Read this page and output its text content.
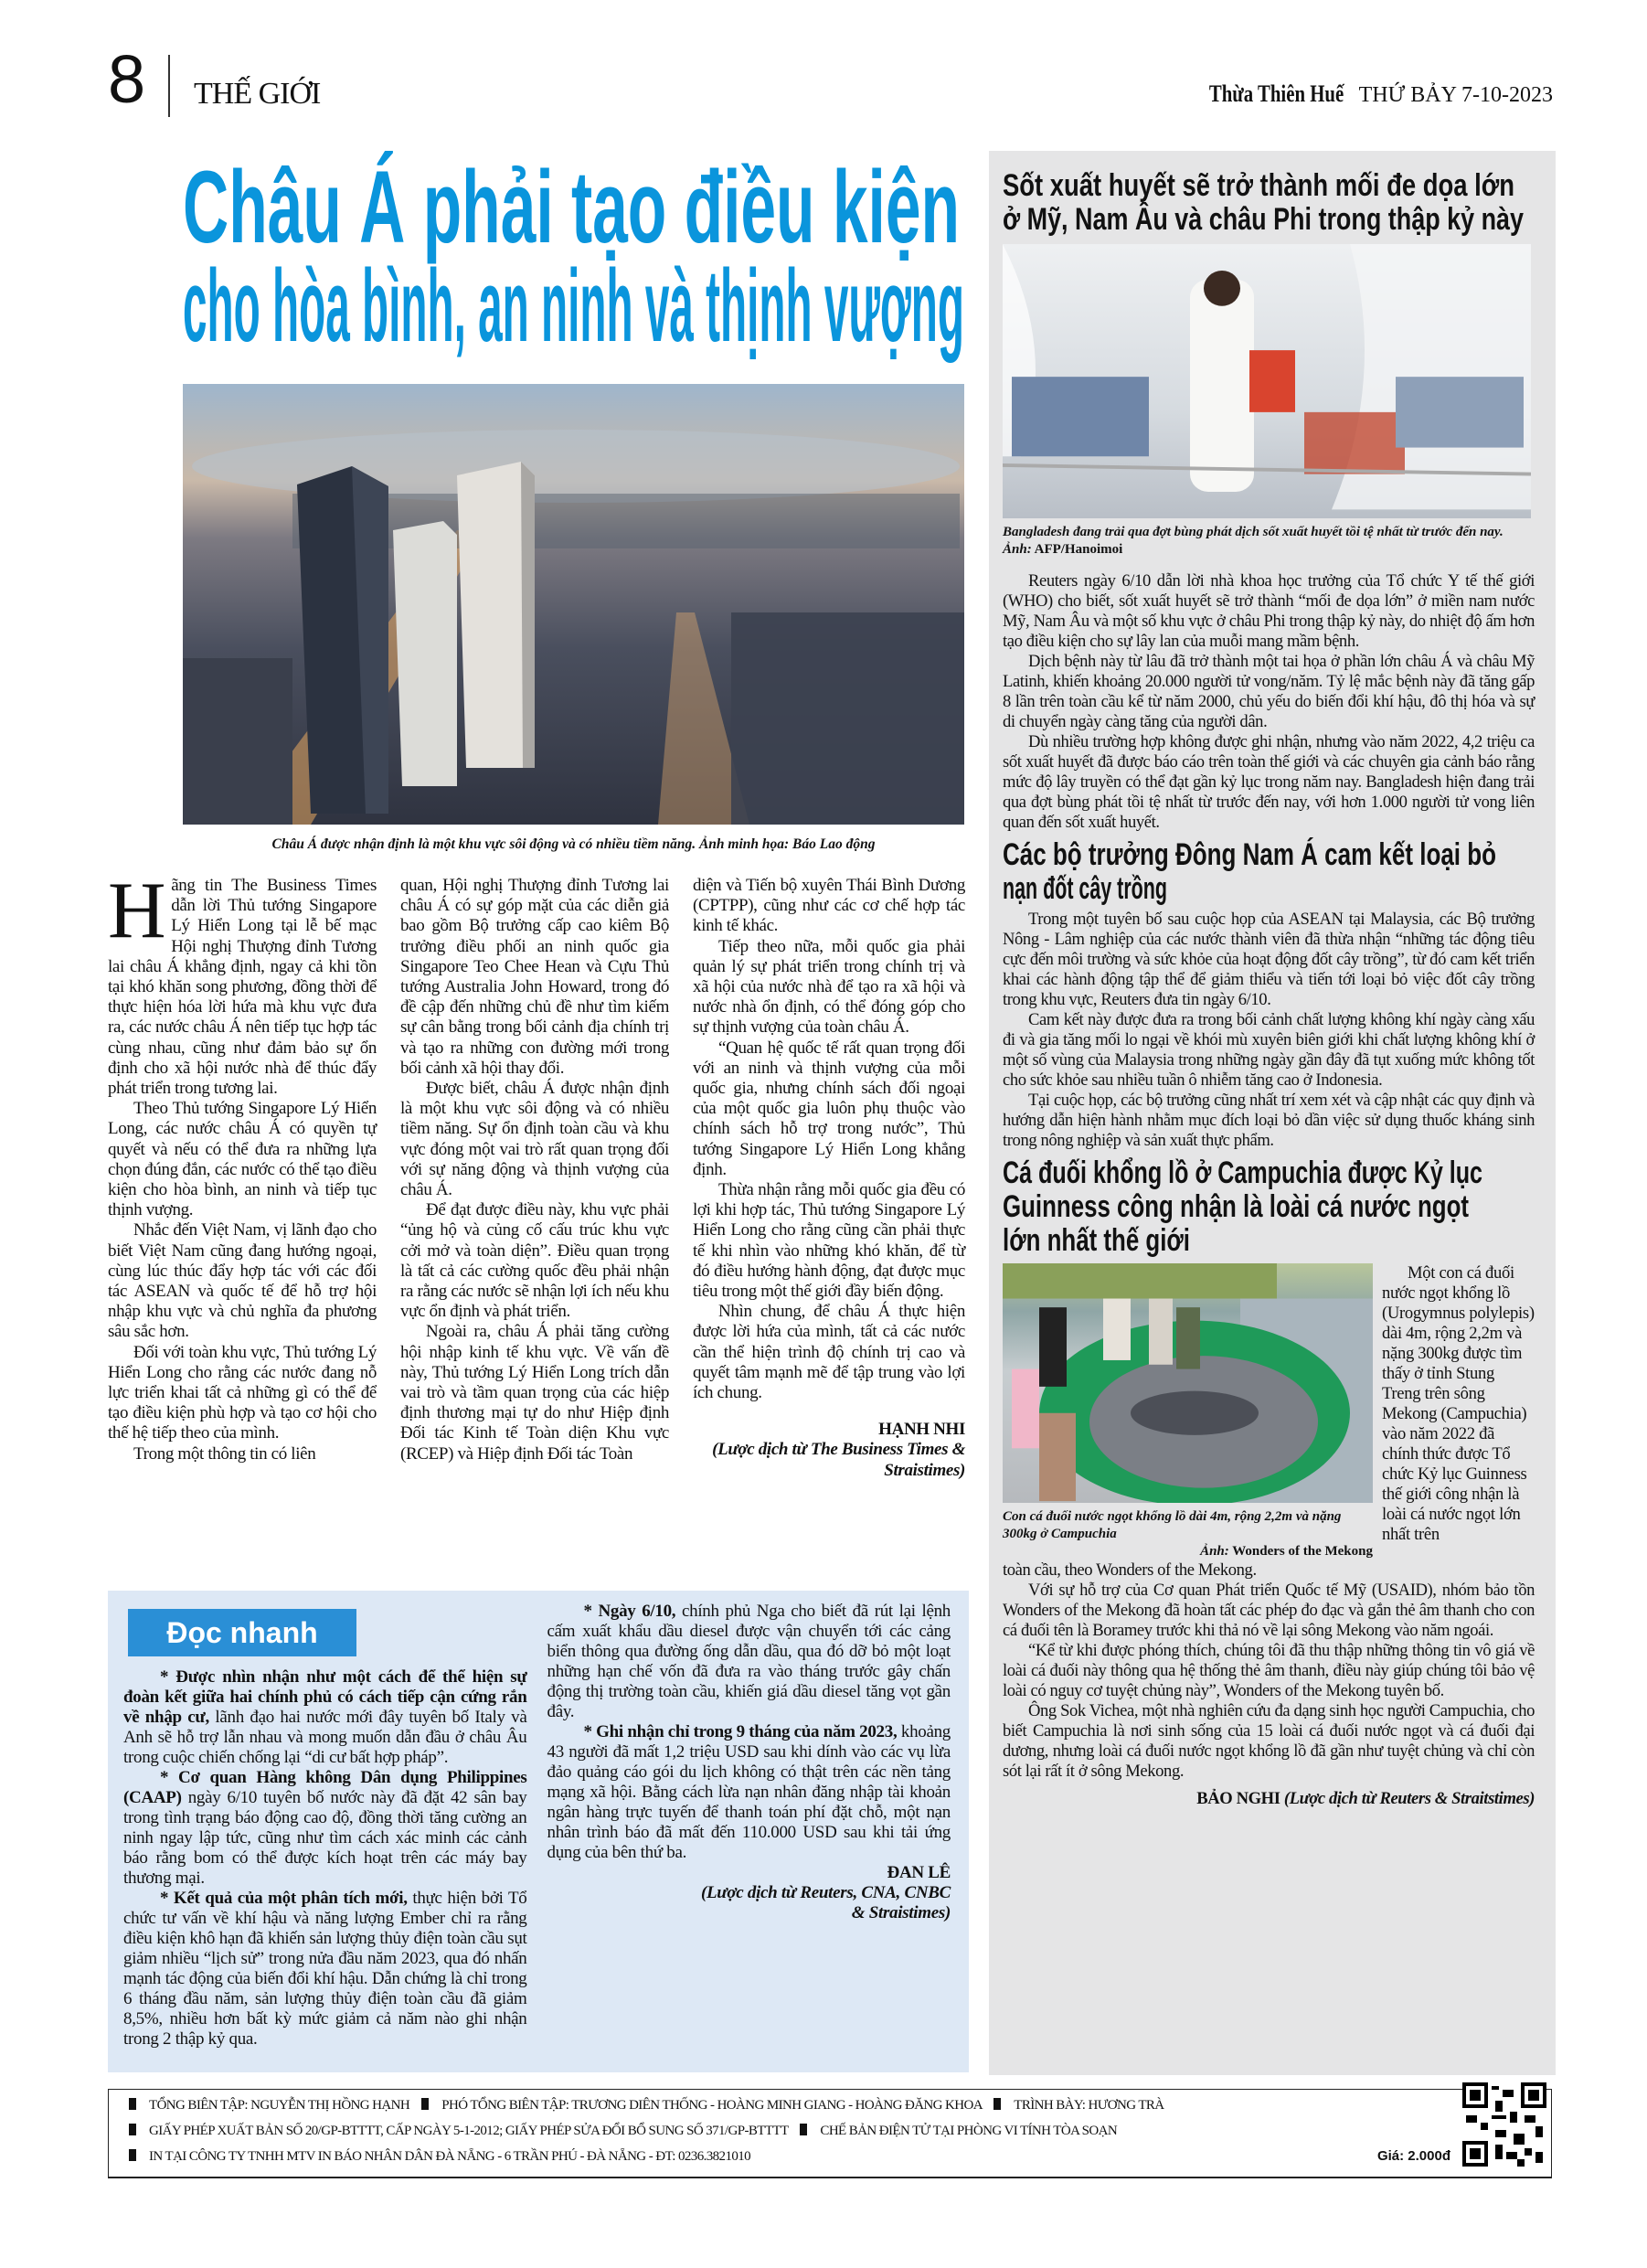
8 THẾ GIỚI	Thừa Thiên Huế THỨ BẢY 7-10-2023
Châu Á phải tạo điều kiện
cho hòa bình, an ninh và thịnh vượng
Châu Á được nhận định là một khu vực sôi động và có nhiều tiềm năng. Ảnh minh họa: Báo Lao động

Hãng tin The Business Times dẫn lời Thủ tướng Singapore Lý Hiển Long tại lễ bế mạc Hội nghị Thượng đỉnh Tương lai châu Á khẳng định, ngay cả khi tồn tại khó khăn song phương, đồng thời để thực hiện hóa lời hứa mà khu vực đưa ra, các nước châu Á nên tiếp tục hợp tác cùng nhau, cũng như đảm bảo sự ổn định cho xã hội nước nhà để thúc đẩy phát triển trong tương lai.

Theo Thủ tướng Singapore Lý Hiển Long, các nước châu Á có quyền tự quyết và nếu có thể đưa ra những lựa chọn đúng đắn, các nước có thể tạo điều kiện cho hòa bình, an ninh và tiếp tục thịnh vượng.

Nhắc đến Việt Nam, vị lãnh đạo cho biết Việt Nam cũng đang hướng ngoại, cùng lúc thúc đẩy hợp tác với các đối tác ASEAN và quốc tế để hỗ trợ hội nhập khu vực và chủ nghĩa đa phương sâu sắc hơn.

Đối với toàn khu vực, Thủ tướng Lý Hiển Long cho rằng các nước đang nỗ lực triển khai tất cả những gì có thể để tạo điều kiện phù hợp và tạo cơ hội cho thế hệ tiếp theo của mình.

Trong một thông tin có liên

quan, Hội nghị Thượng đỉnh Tương lai châu Á có sự góp mặt của các diễn giả bao gồm Bộ trưởng cấp cao kiêm Bộ trưởng điều phối an ninh quốc gia Singapore Teo Chee Hean và Cựu Thủ tướng Australia John Howard, trong đó đề cập đến những chủ đề như tìm kiếm sự cân bằng trong bối cảnh địa chính trị và tạo ra những con đường mới trong bối cảnh xã hội thay đổi.

Được biết, châu Á được nhận định là một khu vực sôi động và có nhiều tiềm năng. Sự ổn định toàn cầu và khu vực đóng một vai trò rất quan trọng đối với sự năng động và thịnh vượng của châu Á.

Để đạt được điều này, khu vực phải “ủng hộ và củng cố cấu trúc khu vực cởi mở và toàn diện”. Điều quan trọng là tất cả các cường quốc đều phải nhận ra rằng các nước sẽ nhận lợi ích nếu khu vực ổn định và phát triển.

Ngoài ra, châu Á phải tăng cường hội nhập kinh tế khu vực. Về vấn đề này, Thủ tướng Lý Hiển Long trích dẫn vai trò và tầm quan trọng của các hiệp định thương mại tự do như Hiệp định Đối tác Kinh tế Toàn diện Khu vực (RCEP) và Hiệp định Đối tác Toàn

diện và Tiến bộ xuyên Thái Bình Dương (CPTPP), cũng như các cơ chế hợp tác kinh tế khác.

Tiếp theo nữa, mỗi quốc gia phải quản lý sự phát triển trong chính trị và xã hội của nước nhà để tạo ra xã hội và nước nhà ổn định, có thể đóng góp cho sự thịnh vượng của toàn châu Á.

“Quan hệ quốc tế rất quan trọng đối với an ninh và thịnh vượng của mỗi quốc gia, nhưng chính sách đối ngoại của một quốc gia luôn phụ thuộc vào chính sách hỗ trợ trong nước”, Thủ tướng Singapore Lý Hiển Long khẳng định.

Thừa nhận rằng mỗi quốc gia đều có lợi khi hợp tác, Thủ tướng Singapore Lý Hiển Long cho rằng cũng cần phải thực tế khi nhìn vào những khó khăn, để từ đó điều hướng hành động, đạt được mục tiêu trong một thế giới đầy biến động.

Nhìn chung, để châu Á thực hiện được lời hứa của mình, tất cả các nước cần thể hiện trình độ chính trị cao và quyết tâm mạnh mẽ để tập trung vào lợi ích chung.

HẠNH NHI
(Lược dịch từ The Business Times & Straistimes)

* Được nhìn nhận như một cách để thể hiện sự đoàn kết giữa hai chính phủ có cách tiếp cận cứng rắn về nhập cư, lãnh đạo hai nước mới đây tuyên bố Italy và Anh sẽ hỗ trợ lẫn nhau và mong muốn dẫn đầu ở châu Âu trong cuộc chiến chống lại “di cư bất hợp pháp”.

* Cơ quan Hàng không Dân dụng Philippines (CAAP) ngày 6/10 tuyên bố nước này đã đặt 42 sân bay trong tình trạng báo động cao độ, đồng thời tăng cường an ninh ngay lập tức, cũng như tìm cách xác minh các cảnh báo rằng bom có thể được kích hoạt trên các máy bay thương mại.

* Kết quả của một phân tích mới, thực hiện bởi Tổ chức tư vấn về khí hậu và năng lượng Ember chỉ ra rằng điều kiện khô hạn đã khiến sản lượng thủy điện toàn cầu sụt giảm nhiều “lịch sử” trong nửa đầu năm 2023, qua đó nhấn mạnh tác động của biến đổi khí hậu. Dẫn chứng là chỉ trong 6 tháng đầu năm, sản lượng thủy điện toàn cầu đã giảm 8,5%, nhiều hơn bất kỳ mức giảm cả năm nào ghi nhận trong 2 thập kỷ qua.

* Ngày 6/10, chính phủ Nga cho biết đã rút lại lệnh cấm xuất khẩu dầu diesel được vận chuyển tới các cảng biển thông qua đường ống dẫn dầu, qua đó dỡ bỏ một loạt những hạn chế vốn đã đưa ra vào tháng trước gây chấn động thị trường toàn cầu, khiến giá dầu diesel tăng vọt gần đây.

* Ghi nhận chỉ trong 9 tháng của năm 2023, khoảng 43 người đã mất 1,2 triệu USD sau khi dính vào các vụ lừa đảo quảng cáo gói du lịch không có thật trên các nền tảng mạng xã hội. Bằng cách lừa nạn nhân đăng nhập tài khoản ngân hàng trực tuyến để thanh toán phí đặt chỗ, một nạn nhân trình báo đã mất đến 110.000 USD sau khi tải ứng dụng của bên thứ ba.

ĐAN LÊ
(Lược dịch từ Reuters, CNA, CNBC
& Straistimes)
Đọc nhanh
Sốt xuất huyết sẽ trở thành mối đe dọa lớn
ở Mỹ, Nam Âu và châu Phi trong thập kỷ này
Bangladesh đang trải qua đợt bùng phát dịch sốt xuất huyết tồi tệ nhất từ trước đến nay. Ảnh: AFP/Hanoimoi

Reuters ngày 6/10 dẫn lời nhà khoa học trưởng của Tổ chức Y tế thế giới (WHO) cho biết, sốt xuất huyết sẽ trở thành “mối đe dọa lớn” ở miền nam nước Mỹ, Nam Âu và một số khu vực ở châu Phi trong thập kỷ này, do nhiệt độ ấm hơn tạo điều kiện cho sự lây lan của muỗi mang mầm bệnh.

Dịch bệnh này từ lâu đã trở thành một tai họa ở phần lớn châu Á và châu Mỹ Latinh, khiến khoảng 20.000 người tử vong/năm. Tỷ lệ mắc bệnh này đã tăng gấp 8 lần trên toàn cầu kể từ năm 2000, chủ yếu do biến đổi khí hậu, đô thị hóa và sự di chuyển ngày càng tăng của người dân.

Dù nhiều trường hợp không được ghi nhận, nhưng vào năm 2022, 4,2 triệu ca sốt xuất huyết đã được báo cáo trên toàn thế giới và các chuyên gia cảnh báo rằng mức độ lây truyền có thể đạt gần kỷ lục trong năm nay. Bangladesh hiện đang trải qua đợt bùng phát tồi tệ nhất từ trước đến nay, với hơn 1.000 người tử vong liên quan đến sốt xuất huyết.

Các bộ trưởng Đông Nam Á cam kết loại bỏ
nạn đốt cây trồng

Trong một tuyên bố sau cuộc họp của ASEAN tại Malaysia, các Bộ trưởng Nông - Lâm nghiệp của các nước thành viên đã thừa nhận “những tác động tiêu cực đến môi trường và sức khỏe của hoạt động đốt cây trồng”, từ đó cam kết triển khai các hành động tập thể để giảm thiểu và tiến tới loại bỏ việc đốt cây trồng trong khu vực, Reuters đưa tin ngày 6/10.

Cam kết này được đưa ra trong bối cảnh chất lượng không khí ngày càng xấu đi và gia tăng mối lo ngại về khói mù xuyên biên giới khi chất lượng không khí ở một số vùng của Malaysia trong những ngày gần đây đã tụt xuống mức không tốt cho sức khỏe sau nhiều tuần ô nhiễm tăng cao ở Indonesia.

Tại cuộc họp, các bộ trưởng cũng nhất trí xem xét và cập nhật các quy định và hướng dẫn hiện hành nhằm mục đích loại bỏ dần việc sử dụng thuốc kháng sinh trong nông nghiệp và sản xuất thực phẩm.

Cá đuối khổng lồ ở Campuchia được Kỷ lục
Guinness công nhận là loài cá nước ngọt
lớn nhất thế giới
Con cá đuối nước ngọt khổng lồ dài 4m, rộng 2,2m và nặng 300kg ở Campuchia
Ảnh: Wonders of the Mekong

Một con cá đuối nước ngọt khổng lồ (Urogymnus polylepis) dài 4m, rộng 2,2m và nặng 300kg được tìm thấy ở tỉnh Stung Treng trên sông Mekong (Campuchia) vào năm 2022 đã chính thức được Tổ chức Kỷ lục Guinness thế giới công nhận là loài cá nước ngọt lớn nhất trên

toàn cầu, theo Wonders of the Mekong.

Với sự hỗ trợ của Cơ quan Phát triển Quốc tế Mỹ (USAID), nhóm bảo tồn Wonders of the Mekong đã hoàn tất các phép đo đạc và gắn thẻ âm thanh cho con cá đuối tên là Boramey trước khi thả nó về lại sông Mekong vào năm ngoái.

“Kể từ khi được phóng thích, chúng tôi đã thu thập những thông tin vô giá về loài cá đuối này thông qua hệ thống thẻ âm thanh, điều này giúp chúng tôi bảo vệ loài có nguy cơ tuyệt chủng này”, Wonders of the Mekong tuyên bố.

Ông Sok Vichea, một nhà nghiên cứu đa dạng sinh học người Campuchia, cho biết Campuchia là nơi sinh sống của 15 loài cá đuối nước ngọt và cá đuối đại dương, nhưng loài cá đuối nước ngọt khổng lồ đã gần như tuyệt chủng và chỉ còn sót lại rất ít ở sông Mekong.

BẢO NGHI (Lược dịch từ Reuters & Straitstimes)
TỔNG BIÊN TẬP: NGUYỄN THỊ HỒNG HẠNH PHÓ TỔNG BIÊN TẬP: TRƯƠNG DIÊN THỐNG - HOÀNG MINH GIANG - HOÀNG ĐĂNG KHOA TRÌNH BÀY: HƯƠNG TRÀ
GIẤY PHÉP XUẤT BẢN SỐ 20/GP-BTTTT, CẤP NGÀY 5-1-2012; GIẤY PHÉP SỬA ĐỔI BỔ SUNG SỐ 371/GP-BTTTT CHẾ BẢN ĐIỆN TỬ TẠI PHÒNG VI TÍNH TÒA SOẠN
IN TẠI CÔNG TY TNHH MTV IN BÁO NHÂN DÂN ĐÀ NẴNG - 6 TRẦN PHÚ - ĐÀ NẴNG - ĐT: 0236.3821010	Giá: 2.000đ
